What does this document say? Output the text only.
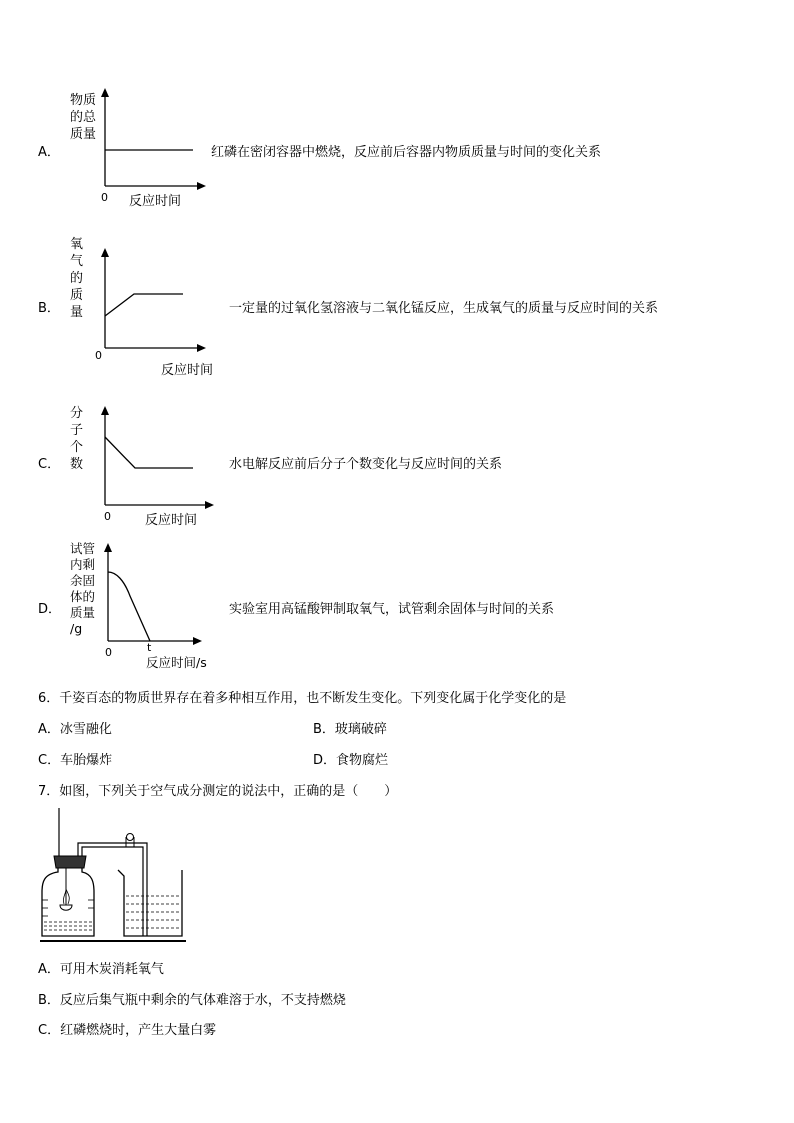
A．
物质
的总
质量
0 反应时间
红磷在密闭容器中燃烧，反应前后容器内物质质量与时间的变化关系
B．
氧
气
的
质
量
0
反应时间
一定量的过氧化氢溶液与二氧化锰反应，生成氧气的质量与反应时间的关系
C．
分
子
个
数
0	反应时间
水电解反应前后分子个数变化与反应时间的关系
D．
试管
内剩
余固
体的
质量
/g
0	t
反应时间/s
实验室用高锰酸钾制取氧气，试管剩余固体与时间的关系
6．千姿百态的物质世界存在着多种相互作用，也不断发生变化。下列变化属于化学变化的是
A．冰雪融化	B．玻璃破碎
C．车胎爆炸	D．食物腐烂
7．如图，下列关于空气成分测定的说法中，正确的是（　　）
A．可用木炭消耗氧气
B．反应后集气瓶中剩余的气体难溶于水，不支持燃烧
C．红磷燃烧时，产生大量白雾
